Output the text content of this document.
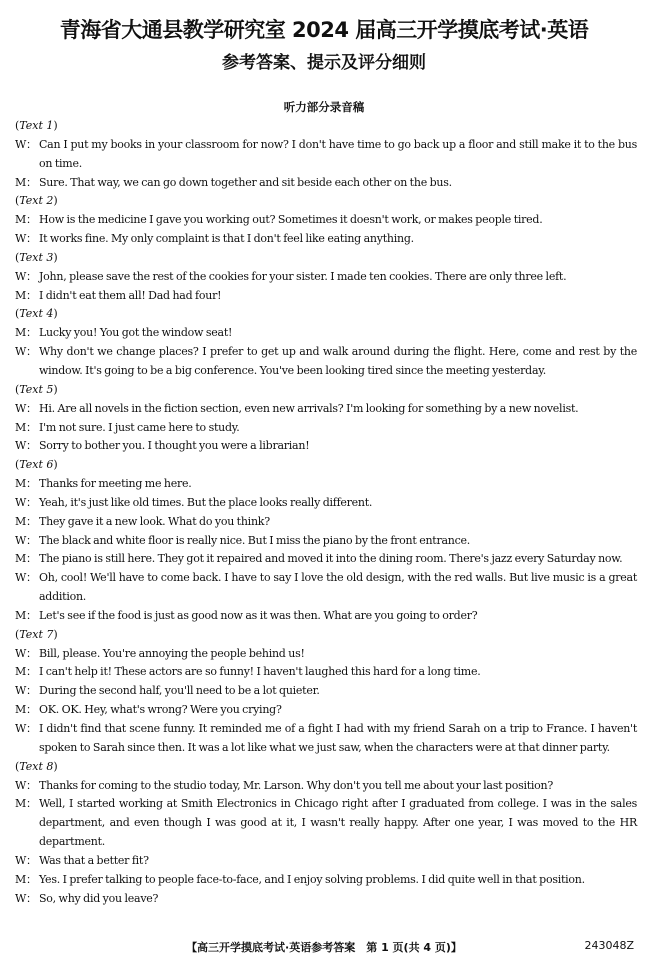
青海省大通县教学研究室 2024 届高三开学摸底考试·英语
参考答案、提示及评分细则
听力部分录音稿
(Text 1)
W： Can I put my books in your classroom for now? I don't have time to go back up a floor and still make it to the bus on time.
M： Sure. That way, we can go down together and sit beside each other on the bus.
(Text 2)
M： How is the medicine I gave you working out? Sometimes it doesn't work, or makes people tired.
W： It works fine. My only complaint is that I don't feel like eating anything.
(Text 3)
W： John, please save the rest of the cookies for your sister. I made ten cookies. There are only three left.
M： I didn't eat them all! Dad had four!
(Text 4)
M： Lucky you! You got the window seat!
W： Why don't we change places? I prefer to get up and walk around during the flight. Here, come and rest by the window. It's going to be a big conference. You've been looking tired since the meeting yesterday.
(Text 5)
W： Hi. Are all novels in the fiction section, even new arrivals? I'm looking for something by a new novelist.
M： I'm not sure. I just came here to study.
W： Sorry to bother you. I thought you were a librarian!
(Text 6)
M： Thanks for meeting me here.
W： Yeah, it's just like old times. But the place looks really different.
M： They gave it a new look. What do you think?
W： The black and white floor is really nice. But I miss the piano by the front entrance.
M： The piano is still here. They got it repaired and moved it into the dining room. There's jazz every Saturday now.
W： Oh, cool! We'll have to come back. I have to say I love the old design, with the red walls. But live music is a great addition.
M： Let's see if the food is just as good now as it was then. What are you going to order?
(Text 7)
W： Bill, please. You're annoying the people behind us!
M： I can't help it! These actors are so funny! I haven't laughed this hard for a long time.
W： During the second half, you'll need to be a lot quieter.
M： OK. OK. Hey, what's wrong? Were you crying?
W： I didn't find that scene funny. It reminded me of a fight I had with my friend Sarah on a trip to France. I haven't spoken to Sarah since then. It was a lot like what we just saw, when the characters were at that dinner party.
(Text 8)
W： Thanks for coming to the studio today, Mr. Larson. Why don't you tell me about your last position?
M： Well, I started working at Smith Electronics in Chicago right after I graduated from college. I was in the sales department, and even though I was good at it, I wasn't really happy. After one year, I was moved to the HR department.
W： Was that a better fit?
M： Yes. I prefer talking to people face-to-face, and I enjoy solving problems. I did quite well in that position.
W： So, why did you leave?
【高三开学摸底考试·英语参考答案　第 1 页(共 4 页)】	243048Z
